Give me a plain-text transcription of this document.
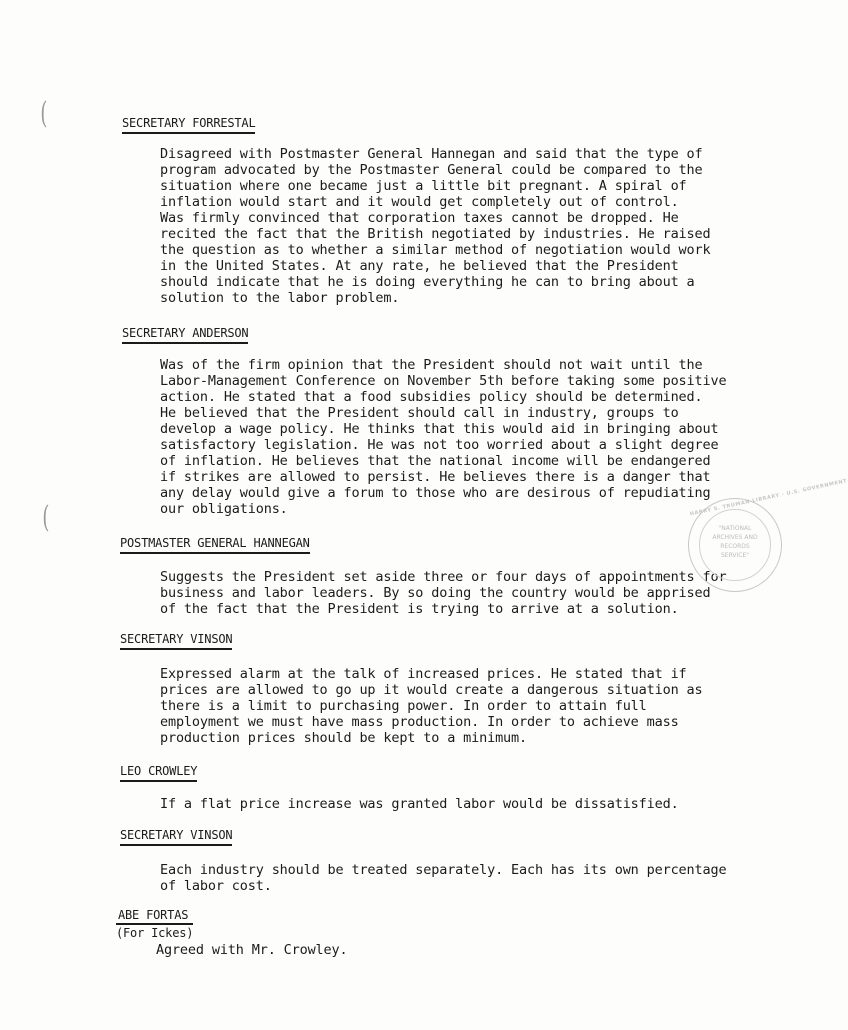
(
(
SECRETARY FORRESTAL
Disagreed with Postmaster General Hannegan and said that the type of
program advocated by the Postmaster General could be compared to the
situation where one became just a little bit pregnant. A spiral of
inflation would start and it would get completely out of control.
Was firmly convinced that corporation taxes cannot be dropped. He
recited the fact that the British negotiated by industries. He raised
the question as to whether a similar method of negotiation would work
in the United States. At any rate, he believed that the President
should indicate that he is doing everything he can to bring about a
solution to the labor problem.
SECRETARY ANDERSON
Was of the firm opinion that the President should not wait until the
Labor-Management Conference on November 5th before taking some positive
action. He stated that a food subsidies policy should be determined.
He believed that the President should call in industry, groups to
develop a wage policy. He thinks that this would aid in bringing about
satisfactory legislation. He was not too worried about a slight degree
of inflation. He believes that the national income will be endangered
if strikes are allowed to persist. He believes there is a danger that
any delay would give a forum to those who are desirous of repudiating
our obligations.
POSTMASTER GENERAL HANNEGAN
Suggests the President set aside three or four days of appointments for
business and labor leaders. By so doing the country would be apprised
of the fact that the President is trying to arrive at a solution.
SECRETARY VINSON
Expressed alarm at the talk of increased prices. He stated that if
prices are allowed to go up it would create a dangerous situation as
there is a limit to purchasing power. In order to attain full
employment we must have mass production. In order to achieve mass
production prices should be kept to a minimum.
LEO CROWLEY
If a flat price increase was granted labor would be dissatisfied.
SECRETARY VINSON
Each industry should be treated separately. Each has its own percentage
of labor cost.
ABE FORTAS
(For Ickes)
Agreed with Mr. Crowley.
HARRY S. TRUMAN LIBRARY · U.S. GOVERNMENT
"NATIONAL
ARCHIVES AND
RECORDS
SERVICE"
